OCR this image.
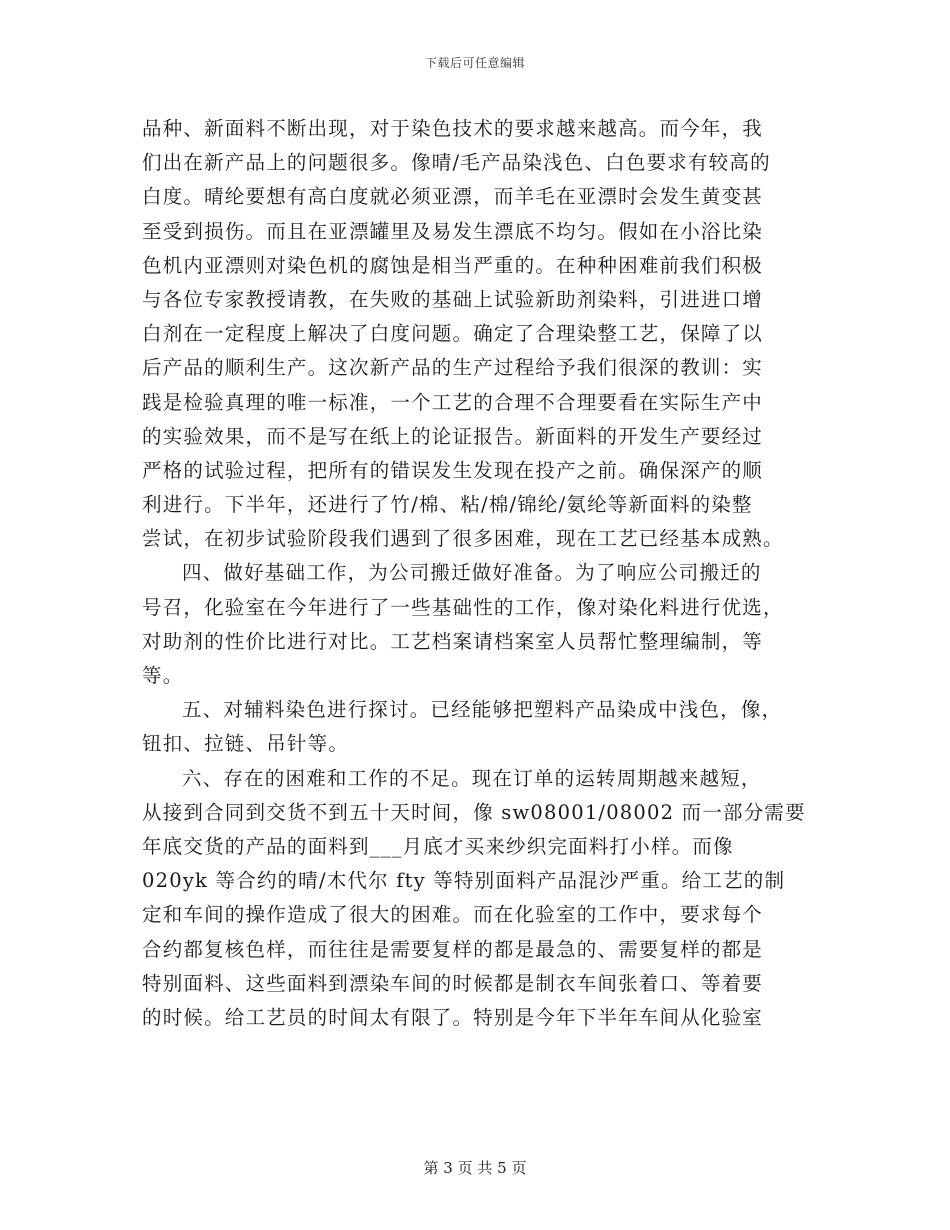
下载后可任意编辑
品种、新面料不断出现，对于染色技术的要求越来越高。而今年，我
们出在新产品上的问题很多。像晴/毛产品染浅色、白色要求有较高的
白度。晴纶要想有高白度就必须亚漂，而羊毛在亚漂时会发生黄变甚
至受到损伤。而且在亚漂罐里及易发生漂底不均匀。假如在小浴比染
色机内亚漂则对染色机的腐蚀是相当严重的。在种种困难前我们积极
与各位专家教授请教，在失败的基础上试验新助剂染料，引进进口增
白剂在一定程度上解决了白度问题。确定了合理染整工艺，保障了以
后产品的顺利生产。这次新产品的生产过程给予我们很深的教训：实
践是检验真理的唯一标准，一个工艺的合理不合理要看在实际生产中
的实验效果，而不是写在纸上的论证报告。新面料的开发生产要经过
严格的试验过程，把所有的错误发生发现在投产之前。确保深产的顺
利进行。下半年，还进行了竹/棉、粘/棉/锦纶/氨纶等新面料的染整
尝试，在初步试验阶段我们遇到了很多困难，现在工艺已经基本成熟。
四、做好基础工作，为公司搬迁做好准备。为了响应公司搬迁的
号召，化验室在今年进行了一些基础性的工作，像对染化料进行优选，
对助剂的性价比进行对比。工艺档案请档案室人员帮忙整理编制，等
等。
五、对辅料染色进行探讨。已经能够把塑料产品染成中浅色，像，
钮扣、拉链、吊针等。
六、存在的困难和工作的不足。现在订单的运转周期越来越短，
从接到合同到交货不到五十天时间，像 sw08001/08002 而一部分需要
年底交货的产品的面料到___月底才买来纱织完面料打小样。而像
020yk 等合约的晴/木代尔 fty 等特别面料产品混沙严重。给工艺的制
定和车间的操作造成了很大的困难。而在化验室的工作中，要求每个
合约都复核色样，而往往是需要复样的都是最急的、需要复样的都是
特别面料、这些面料到漂染车间的时候都是制衣车间张着口、等着要
的时候。给工艺员的时间太有限了。特别是今年下半年车间从化验室
第 3 页 共 5 页
